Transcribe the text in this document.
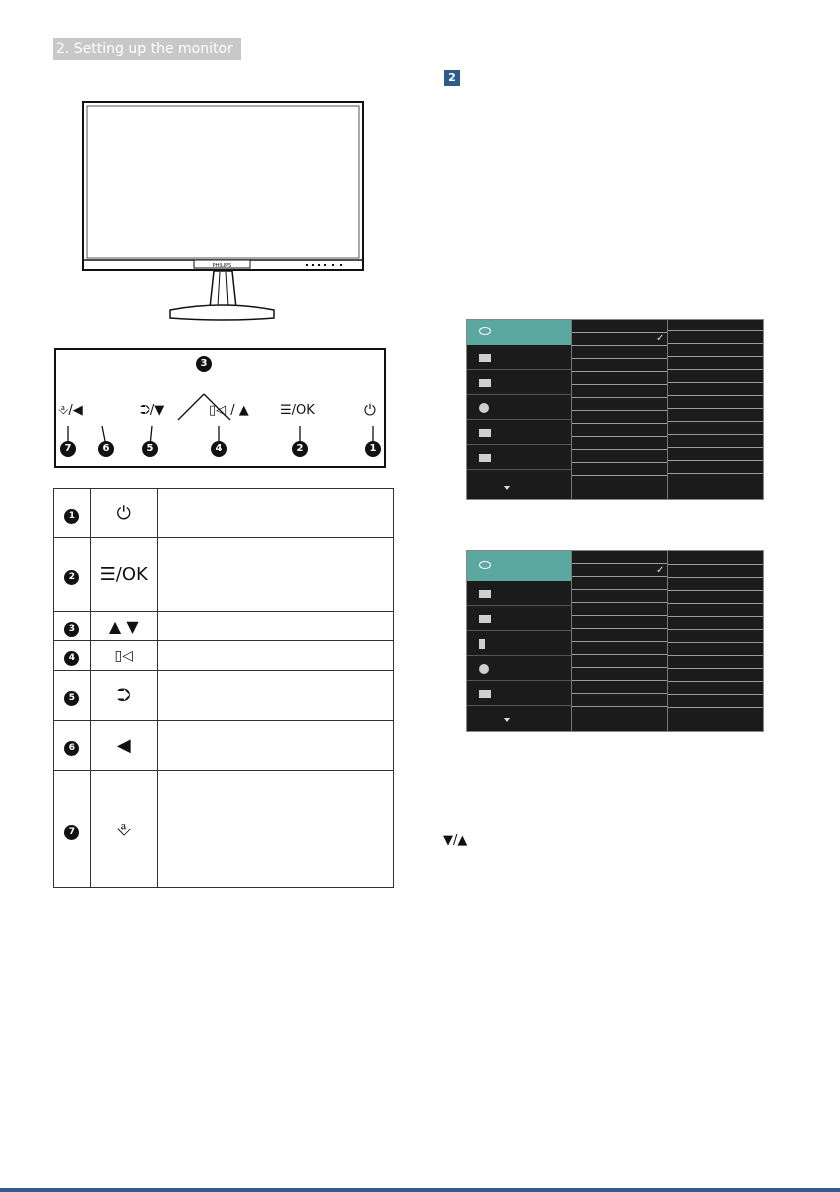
2. Setting up the monitor
2
PHILIPS
3
⎀/◀	⮊/▼	▯◁ / ▲ ☰/OK	⏻
7	6	5	4	2	1
1	⏻	
2	☰/OK	
3	▲ ▼	
4	▯◁	
5	⮊	
6	◀	
7	⎀	
✓
✓
▼/▲
